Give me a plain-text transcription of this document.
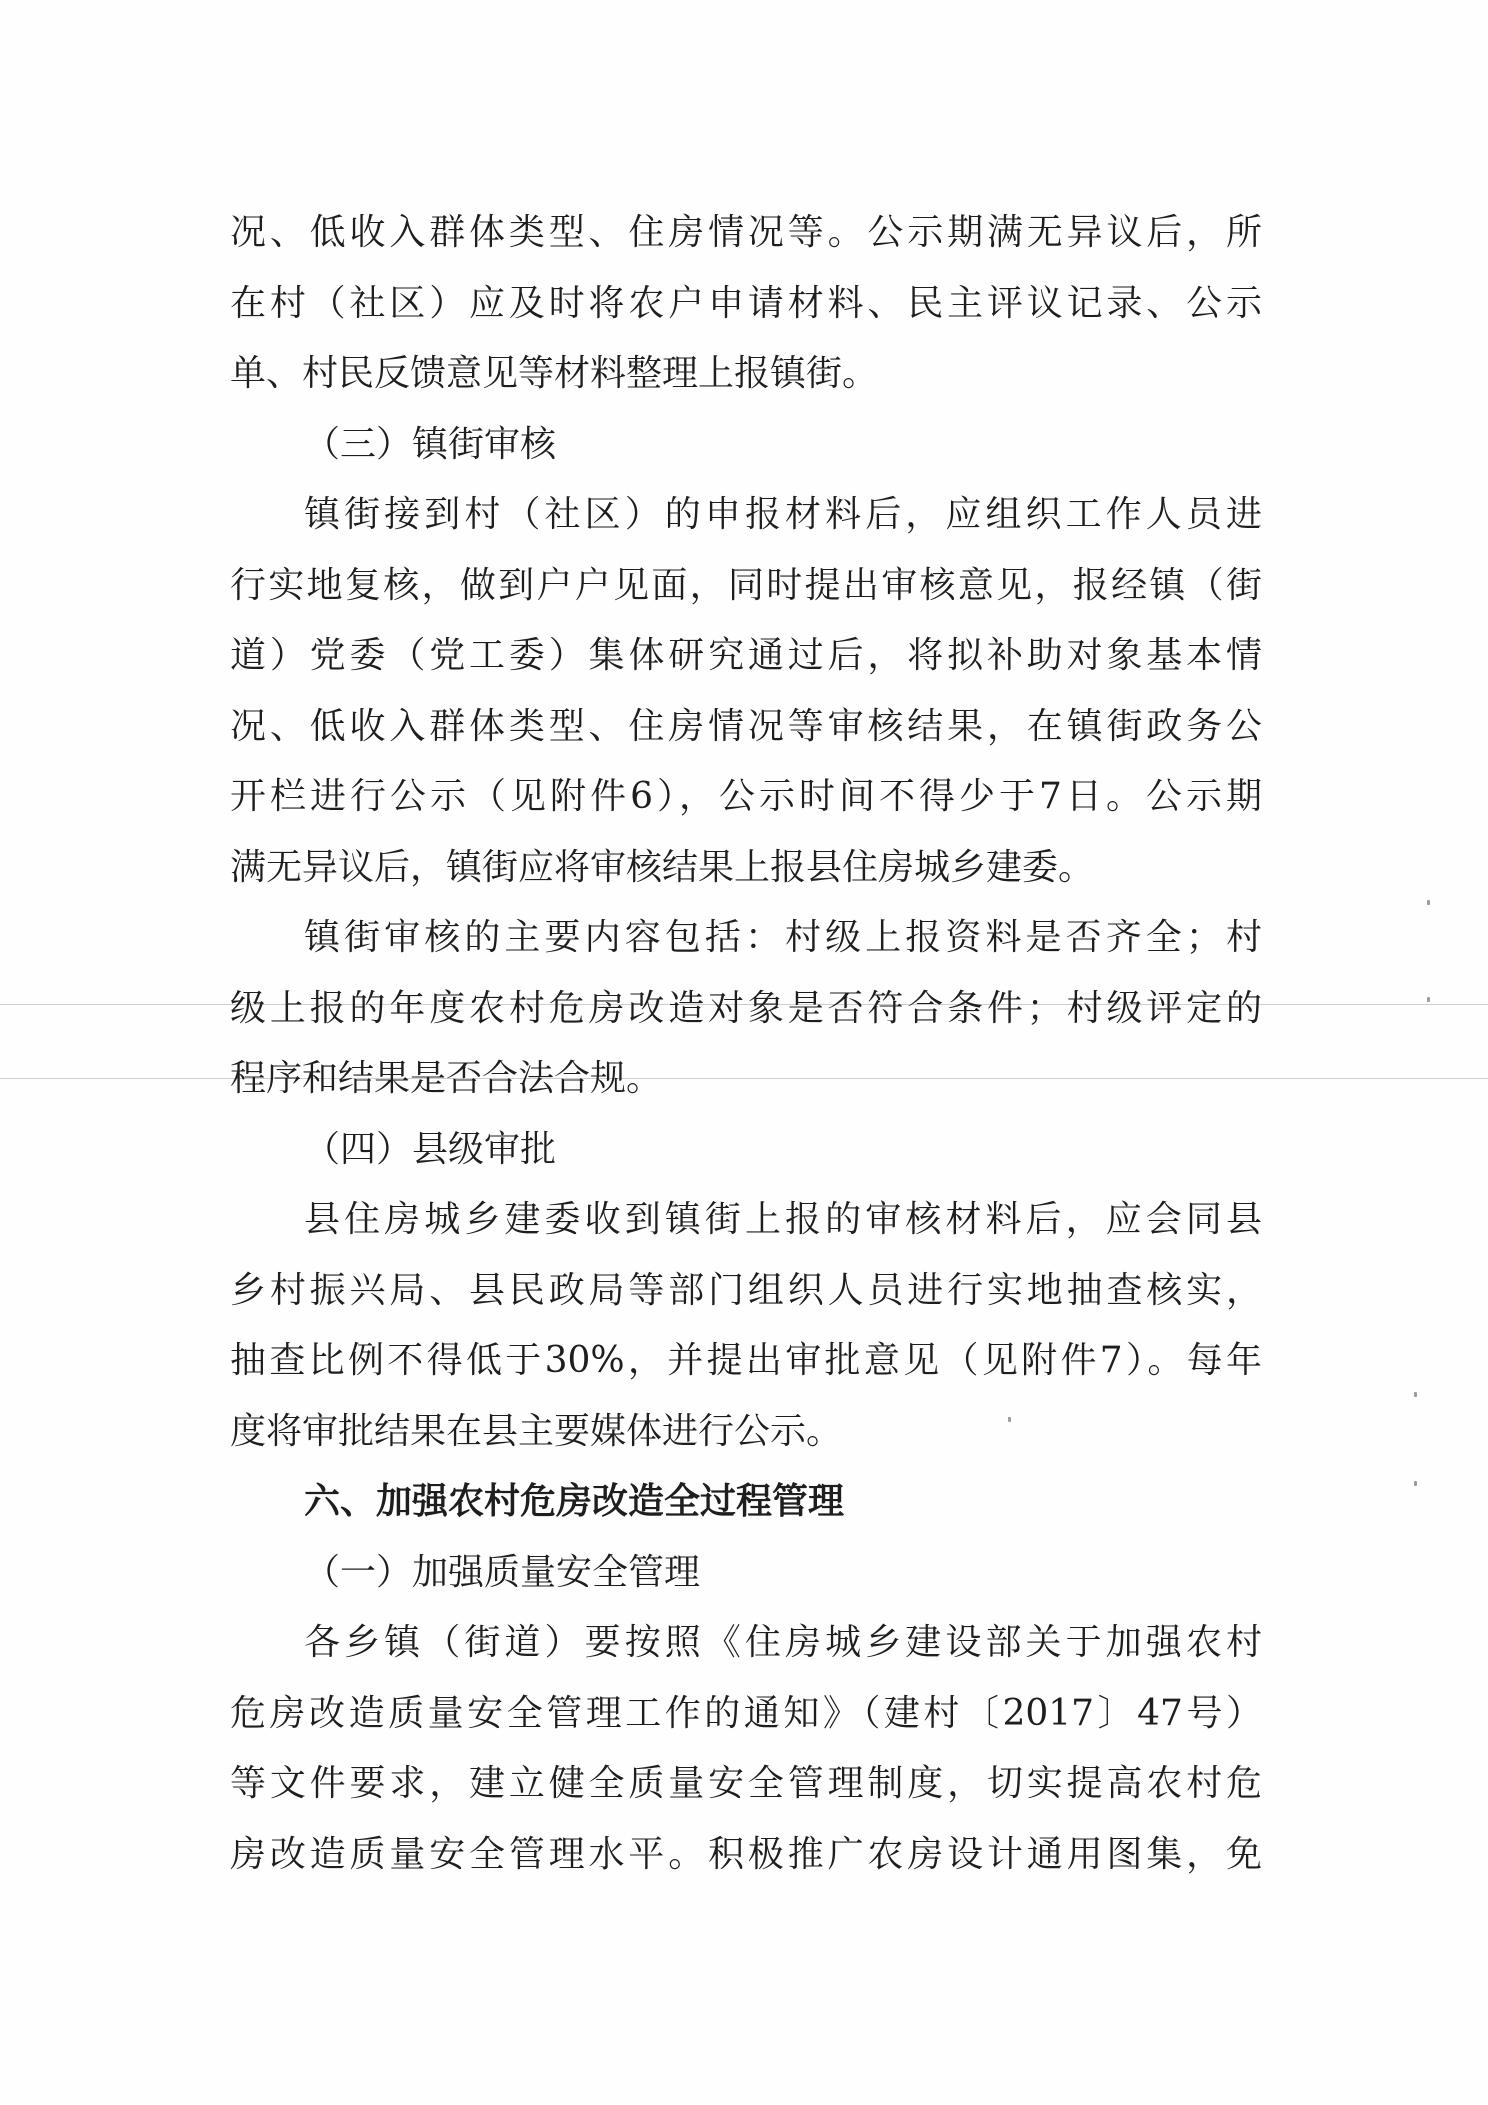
况、低收入群体类型、住房情况等。公示期满无异议后，所
在村（社区）应及时将农户申请材料、民主评议记录、公示
单、村民反馈意见等材料整理上报镇街。
（三）镇街审核
镇街接到村（社区）的申报材料后，应组织工作人员进
行实地复核，做到户户见面，同时提出审核意见，报经镇（街
道）党委（党工委）集体研究通过后，将拟补助对象基本情
况、低收入群体类型、住房情况等审核结果，在镇街政务公
开栏进行公示（见附件6），公示时间不得少于7日。公示期
满无异议后，镇街应将审核结果上报县住房城乡建委。
镇街审核的主要内容包括：村级上报资料是否齐全；村
级上报的年度农村危房改造对象是否符合条件；村级评定的
程序和结果是否合法合规。
（四）县级审批
县住房城乡建委收到镇街上报的审核材料后，应会同县
乡村振兴局、县民政局等部门组织人员进行实地抽查核实，
抽查比例不得低于30%，并提出审批意见（见附件7）。每年
度将审批结果在县主要媒体进行公示。
六、加强农村危房改造全过程管理
（一）加强质量安全管理
各乡镇（街道）要按照《住房城乡建设部关于加强农村
危房改造质量安全管理工作的通知》（建村〔2017〕47号）
等文件要求，建立健全质量安全管理制度，切实提高农村危
房改造质量安全管理水平。积极推广农房设计通用图集，免
